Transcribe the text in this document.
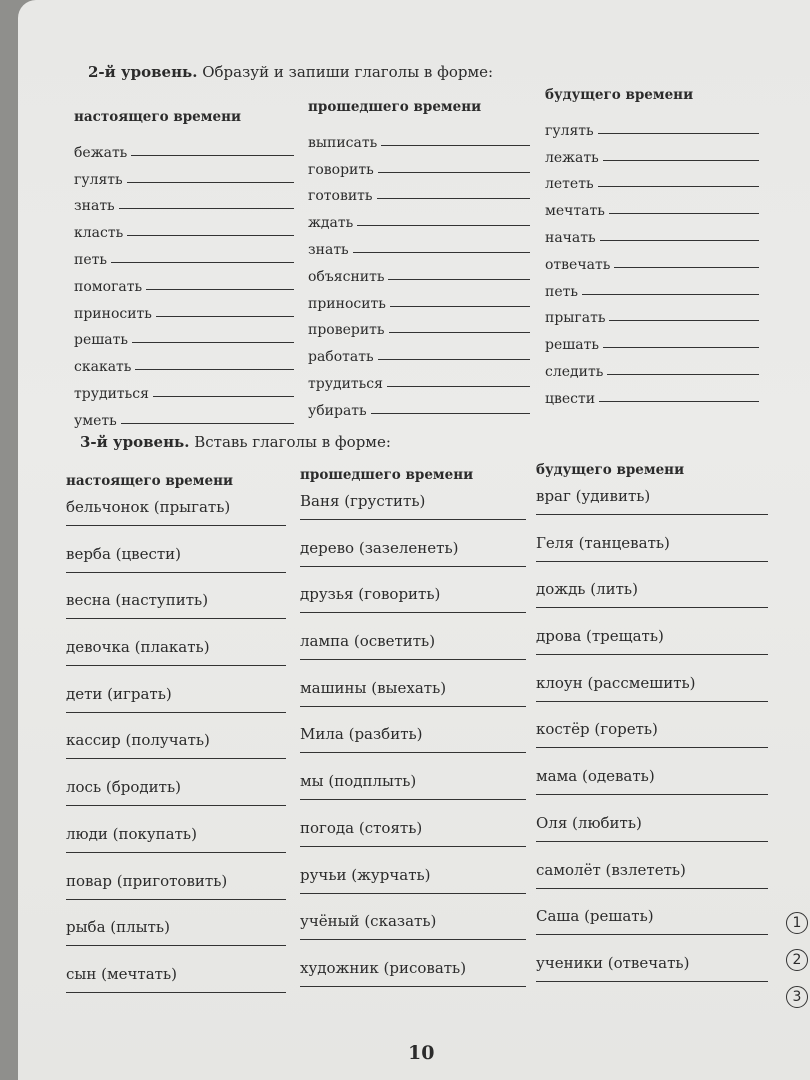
2-й уровень. Образуй и запиши глаголы в форме:
настоящего времени
бежать
гулять
знать
класть
петь
помогать
приносить
решать
скакать
трудиться
уметь
прошедшего времени
выписать
говорить
готовить
ждать
знать
объяснить
приносить
проверить
работать
трудиться
убирать
будущего времени
гулять
лежать
лететь
мечтать
начать
отвечать
петь
прыгать
решать
следить
цвести
3-й уровень. Вставь глаголы в форме:
настоящего времени
бельчонок (прыгать)
верба (цвести)
весна (наступить)
девочка (плакать)
дети (играть)
кассир (получать)
лось (бродить)
люди (покупать)
повар (приготовить)
рыба (плыть)
сын (мечтать)
прошедшего времени
Ваня (грустить)
дерево (зазеленеть)
друзья (говорить)
лампа (осветить)
машины (выехать)
Мила (разбить)
мы (подплыть)
погода (стоять)
ручьи (журчать)
учёный (сказать)
художник (рисовать)
будущего времени
враг (удивить)
Геля (танцевать)
дождь (лить)
дрова (трещать)
клоун (рассмешить)
костёр (гореть)
мама (одевать)
Оля (любить)
самолёт (взлететь)
Саша (решать)
ученики (отвечать)
1
2
3
10
